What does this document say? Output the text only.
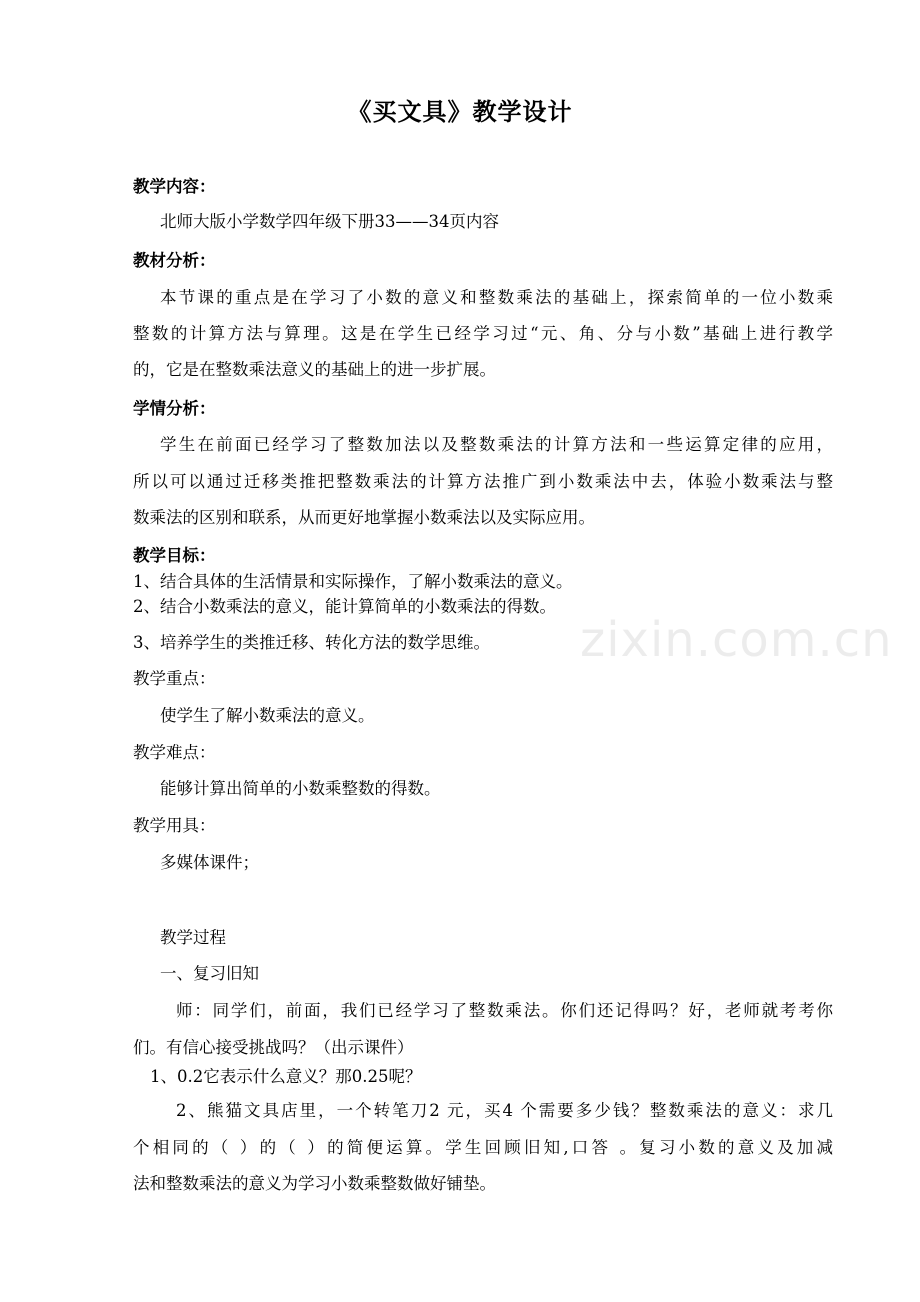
《买文具》教学设计
教学内容：
北师大版小学数学四年级下册33——34页内容
教材分析：
本节课的重点是在学习了小数的意义和整数乘法的基础上，探索简单的一位小数乘
整数的计算方法与算理。这是在学生已经学习过“元、角、分与小数”基础上进行教学
的，它是在整数乘法意义的基础上的进一步扩展。
学情分析：
学生在前面已经学习了整数加法以及整数乘法的计算方法和一些运算定律的应用，
所以可以通过迁移类推把整数乘法的计算方法推广到小数乘法中去，体验小数乘法与整
数乘法的区别和联系，从而更好地掌握小数乘法以及实际应用。
教学目标：
1、结合具体的生活情景和实际操作，了解小数乘法的意义。
2、结合小数乘法的意义，能计算简单的小数乘法的得数。
3、培养学生的类推迁移、转化方法的数学思维。
教学重点：
使学生了解小数乘法的意义。
教学难点：
能够计算出简单的小数乘整数的得数。
教学用具：
多媒体课件；
教学过程
一、复习旧知
师：同学们，前面，我们已经学习了整数乘法。你们还记得吗？好，老师就考考你
们。有信心接受挑战吗？（出示课件）
1、0.2它表示什么意义？那0.25呢？
2、熊猫文具店里，一个转笔刀2 元，买4 个需要多少钱？整数乘法的意义：求几
个相同的（ ）的（ ）的简便运算。学生回顾旧知,口答 。复习小数的意义及加减
法和整数乘法的意义为学习小数乘整数做好铺垫。
zixin.com.cn
